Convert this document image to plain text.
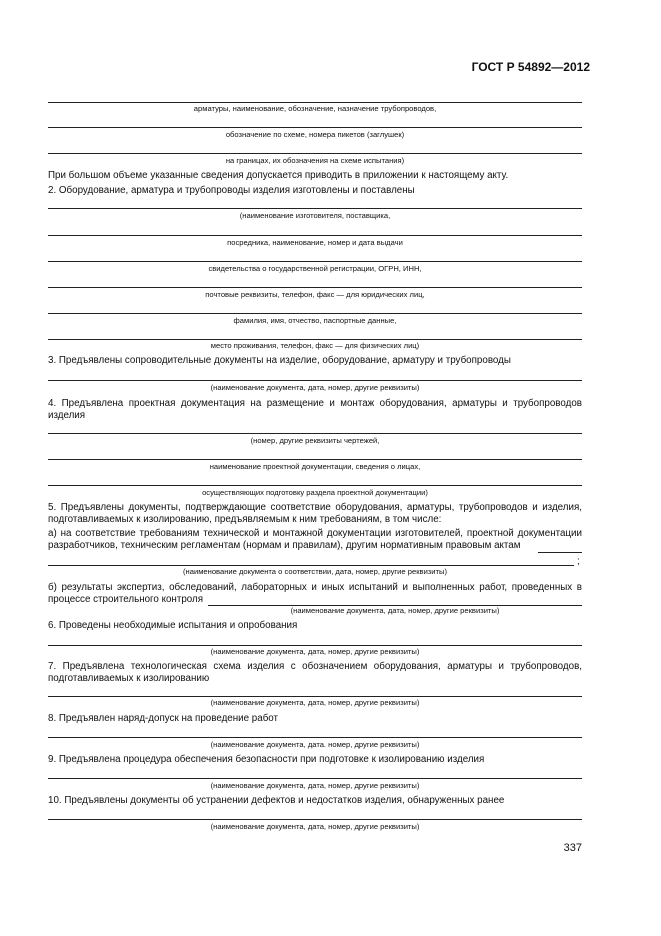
ГОСТ Р 54892—2012
арматуры, наименование, обозначение, назначение трубопроводов,
обозначение по схеме, номера пикетов (заглушек)
на границах, их обозначения на схеме испытания)
При большом объеме указанные сведения допускается приводить в приложении к настоящему акту.
2. Оборудование, арматура и трубопроводы изделия изготовлены и поставлены
(наименование изготовителя, поставщика,
посредника, наименование, номер и дата выдачи
свидетельства о государственной регистрации, ОГРН, ИНН,
почтовые реквизиты, телефон, факс — для юридических лиц,
фамилия, имя, отчество, паспортные данные,
место проживания, телефон, факс — для физических лиц)
3. Предъявлены сопроводительные документы на изделие, оборудование, арматуру и трубопроводы
(наименование документа, дата, номер, другие реквизиты)
4. Предъявлена проектная документация на размещение и монтаж оборудования, арматуры и трубопроводов изделия
(номер, другие реквизиты чертежей,
наименование проектной документации, сведения о лицах,
осуществляющих подготовку раздела проектной документации)
5. Предъявлены документы, подтверждающие соответствие оборудования, арматуры, трубопроводов и изделия, подготавливаемых к изолированию, предъявляемым к ним требованиям, в том числе:
а) на соответствие требованиям технической и монтажной документации изготовителей, проектной документации разработчиков, техническим регламентам (нормам и правилам), другим нормативным правовым актам
;
(наименование документа о соответствии, дата, номер, другие реквизиты)
б) результаты экспертиз, обследований, лабораторных и иных испытаний и выполненных работ, проведенных в процессе строительного контроля
(наименование документа, дата, номер, другие реквизиты)
6. Проведены необходимые испытания и опробования
(наименование документа, дата, номер, другие реквизиты)
7. Предъявлена технологическая схема изделия с обозначением оборудования, арматуры и трубопроводов, подготавливаемых к изолированию
(наименование документа, дата, номер, другие реквизиты)
8. Предъявлен наряд-допуск на проведение работ
(наименование документа, дата. номер, другие реквизиты)
9. Предъявлена процедура обеспечения безопасности при подготовке к изолированию изделия
(наименование документа, дата, номер, другие реквизиты)
10. Предъявлены документы об устранении дефектов и недостатков изделия, обнаруженных ранее
(наименование документа, дата, номер, другие реквизиты)
337
